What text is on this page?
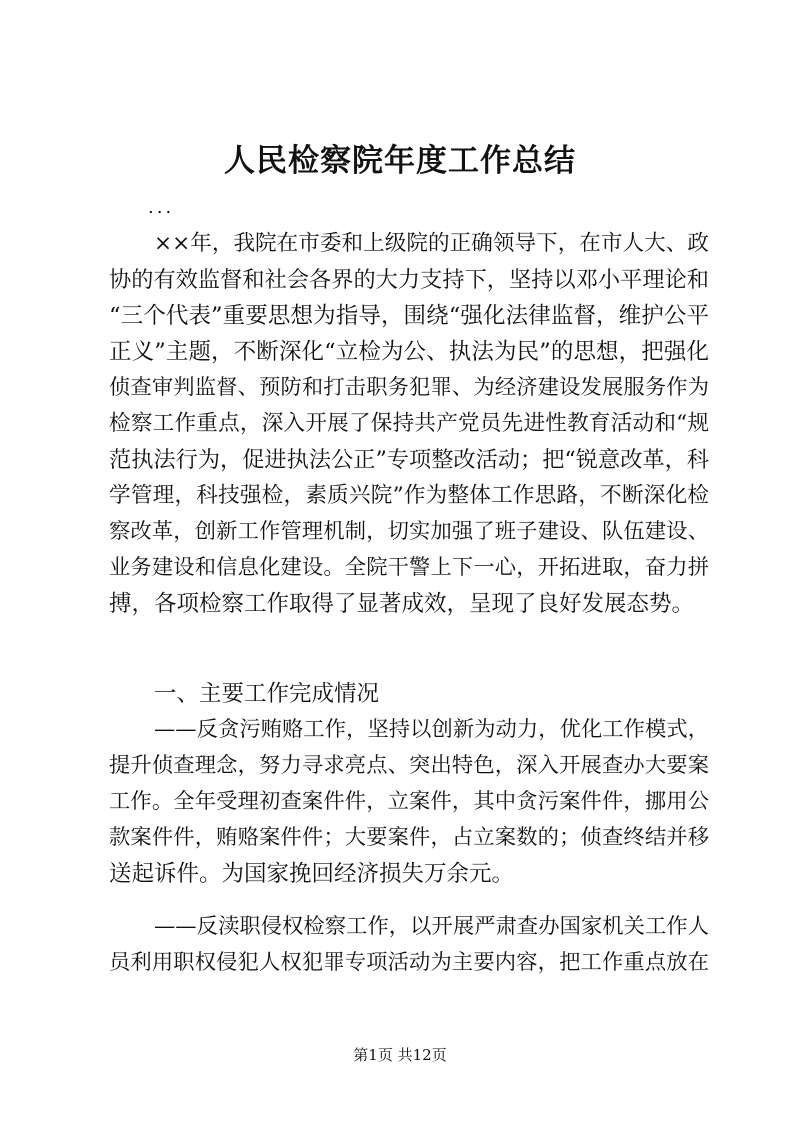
人民检察院年度工作总结
...
××年，我院在市委和上级院的正确领导下，在市人大、政
协的有效监督和社会各界的大力支持下，坚持以邓小平理论和
“三个代表”重要思想为指导，围绕“强化法律监督，维护公平
正义”主题，不断深化“立检为公、执法为民”的思想，把强化
侦查审判监督、预防和打击职务犯罪、为经济建设发展服务作为
检察工作重点，深入开展了保持共产党员先进性教育活动和“规
范执法行为，促进执法公正”专项整改活动；把“锐意改革，科
学管理，科技强检，素质兴院”作为整体工作思路，不断深化检
察改革，创新工作管理机制，切实加强了班子建设、队伍建设、
业务建设和信息化建设。全院干警上下一心，开拓进取，奋力拼
搏，各项检察工作取得了显著成效，呈现了良好发展态势。
一、主要工作完成情况
——反贪污贿赂工作，坚持以创新为动力，优化工作模式，
提升侦查理念，努力寻求亮点、突出特色，深入开展查办大要案
工作。全年受理初查案件件，立案件，其中贪污案件件，挪用公
款案件件，贿赂案件件；大要案件，占立案数的；侦查终结并移
送起诉件。为国家挽回经济损失万余元。
——反渎职侵权检察工作，以开展严肃查办国家机关工作人
员利用职权侵犯人权犯罪专项活动为主要内容，把工作重点放在
第1页 共12页
